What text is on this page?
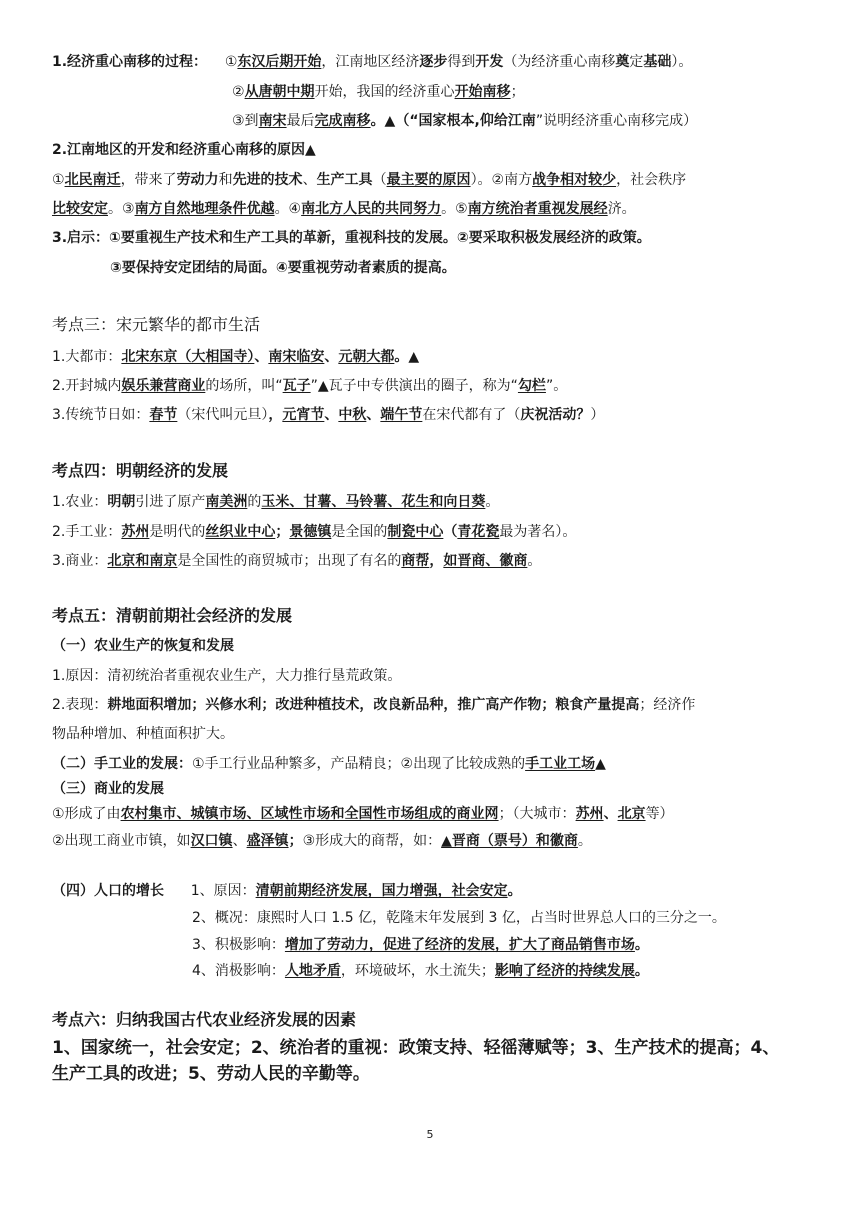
5
1.经济重心南移的过程：    ①东汉后期开始，江南地区经济逐步得到开发（为经济重心南移奠定基础）。
②从唐朝中期开始，我国的经济重心开始南移；
③到南宋最后完成南移。▲（“国家根本,仰给江南”说明经济重心南移完成）
2.江南地区的开发和经济重心南移的原因▲
①北民南迁，带来了劳动力和先进的技术、生产工具（最主要的原因）。②南方战争相对较少，社会秩序
比较安定。③南方自然地理条件优越。④南北方人民的共同努力。⑤南方统治者重视发展经济。
3.启示：①要重视生产技术和生产工具的革新，重视科技的发展。②要采取积极发展经济的政策。
③要保持安定团结的局面。④要重视劳动者素质的提高。
考点三：宋元繁华的都市生活
1.大都市：北宋东京（大相国寺）、南宋临安、元朝大都。▲
2.开封城内娱乐兼营商业的场所，叫“瓦子”▲瓦子中专供演出的圈子，称为“勾栏”。
3.传统节日如：春节（宋代叫元旦），元宵节、中秋、端午节在宋代都有了（庆祝活动？）
考点四：明朝经济的发展
1.农业：明朝引进了原产南美洲的玉米、甘薯、马铃薯、花生和向日葵。
2.手工业：苏州是明代的丝织业中心；景德镇是全国的制瓷中心（青花瓷最为著名）。
3.商业：北京和南京是全国性的商贸城市；出现了有名的商帮，如晋商、徽商。
考点五：清朝前期社会经济的发展
（一）农业生产的恢复和发展
1.原因：清初统治者重视农业生产，大力推行垦荒政策。
2.表现：耕地面积增加；兴修水利；改进种植技术，改良新品种，推广高产作物；粮食产量提高；经济作
物品种增加、种植面积扩大。
（二）手工业的发展：①手工行业品种繁多，产品精良；②出现了比较成熟的手工业工场▲
（三）商业的发展
①形成了由农村集市、城镇市场、区域性市场和全国性市场组成的商业网；（大城市：苏州、北京等）
②出现工商业市镇，如汉口镇、盛泽镇；③形成大的商帮，如：▲晋商（票号）和徽商。
（四）人口的增长      1、原因：清朝前期经济发展，国力增强，社会安定。
2、概况：康熙时人口 1.5 亿，乾隆末年发展到 3 亿，占当时世界总人口的三分之一。
3、积极影响：增加了劳动力，促进了经济的发展，扩大了商品销售市场。
4、消极影响：人地矛盾，环境破坏，水土流失；影响了经济的持续发展。
考点六：归纳我国古代农业经济发展的因素
1、国家统一，社会安定；2、统治者的重视：政策支持、轻徭薄赋等；3、生产技术的提高；4、
生产工具的改进；5、劳动人民的辛勤等。
